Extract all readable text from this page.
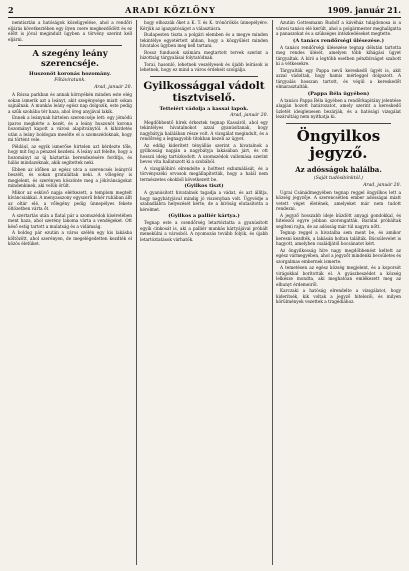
2	ARADI KÖZLÖNY	1909. január 21.

nemtisztán a hatóságok közeligyelése, ahol a rendőri eljárás következtében egy ilyen csere megkezdődött és ez előtt is jóval megindult ügyben a törvény szerint kell eljárni.

A szegény leány szerencséje.
Huszonöt koronás hozomány.
Főtáviratunk.
Arad, január 20.

A Rózsa parkban és annak környékén minden este elég sokan ismerik azt a leányt, akit szegénysége miatt sokan sajnálnak. A munkás leány egész nap dolgozik, este pedig a szűk szobába tér haza, ahol öreg anyjával lakik.

Ennek a leánynak hirtelen szerencséje lett: egy jómódú iparos megkérte a kezét, és a leány huszonöt korona hozományt kapott a városi alapítványtól. A kihirdetés után a leány boldogan mesélte el a szomszédoknak, hogy mi történt vele.

Például, az egyik ismerőse hirtelen azt kérdezte tőle, hogy mit fog a pénzzel kezdeni. A leány azt felelte, hogy a hozományt az új háztartás berendezésére fordítja, és hálás mindazoknak, akik segítettek neki.

Ebben az időben az egész utca a szerencsés leányról beszélt, és sokan gratuláltak neki. A vőlegény is megjelent, és szerényen köszönte meg a jókívánságokat mindenkinek, aki velük örült.

Mikor az esküvő napja elérkezett, a templom megtelt kíváncsiakkal. A menyasszony egyszerű fehér ruhában állt az oltár elé, a vőlegény pedig ünnepélyes fekete öltözetben várta őt.

A szertartás után a fiatal pár a szomszédok kíséretében ment haza, ahol szerény lakoma várta a vendégeket. Ott késő estig tartott a mulatság és a vidámság.

A boldog pár ezután a város szélén egy kis lakásba költözött, ahol szerényen, de megelégedetten kezdték el közös életüket.

hogy elhozzák őket a K. T. és K. trónörökös ünnepélyére. Kérjük az igazgatóságot a választásra.

Budapesten tiszta a polgári elemben és a megye minden tekintélye egyetértett abban, hogy a közgyűlést minden hivatalos ügyben meg kell tartani.

Rossz fundusok számára megtartott tervek szerint a bizottság tárgyalásai folytatódnak.

Torai, hasonló, lehetnek veszélyesek és újabb leírások is lehetnek, hogy ez mind a város érdekeit szolgálja.

Gyilkossággal vádolt tisztviselő.
Tetteiért vádolja a kassai lapok.
Arad, január 20.

Megdöbbentő hírek érkeztek tegnap Kassáról, ahol egy tekintélyes hivatalnokot azzal gyanúsítanak, hogy nagybátyja halálában része volt. A vizsgálat megindult, és a rendőrség a legnagyobb titokban kezeli az ügyet.

Az eddig kiderített tényállás szerint a hivatalnok a gyilkosság napján a nagybátyja lakásában járt, és ott hosszú ideig tartózkodott. A szomszédok vallomása szerint heves vita hallatszott ki a szobából.

A vizsgálóbíró elrendelte a holttest exhumálását, és a törvényszéki orvosok megállapították, hogy a halál nem természetes okokból következett be.

(Gyilkos tiszt)

A gyanúsított hivatalnok tagadja a vádat, és azt állítja, hogy nagybátyjával mindig jó viszonyban volt. Ügyvédje a szabadlábra helyezését kérte, de a bíróság elutasította a kérelmet.

(Gyilkos a palliér kártya.)

Tegnap este a csendőrség letartóztatta a gyanúsított egyik cinkosát is, aki a palliér munkás kártyájával próbált menekülni a városból. A nyomozás tovább folyik, és újabb letartóztatások várhatók.

Azután Gottesmann Rudolf a kávéház tulajdonosa is a városi tanács elé került, ahol a polgármester meghallgatta a panaszokat és a szükséges intézkedéseket megtette.

(A tanács rendőrségi ülésezése.)

A tanács rendőrségi ülésezése tegnap délután tartotta meg rendes ülését, amelyen több kihágási ügyet tárgyaltak. A bíró a legtöbb esetben pénzbírságot szabott ki a vétkesekre.

Tárgyalták egy Pappa nevű kereskedő ügyét is, akit azzal vádoltak, hogy hamis mérleggel dolgozott. A tárgyalás hosszan tartott, és végül a kereskedőt elmarasztalták.

(Pappa Béla ügyében)

A tanács Pappa Béla ügyében a rendőrkapitány jelentése alapján hozott határozatot, amely szerint a kereskedő üzletét ideiglenesen bezárják, és a hatósági vizsgálat lezárultáig nem nyithatja ki.

Öngyilkos jegyző.
Az adósságok halálba.
(Saját tudósítónktól.)
Arad, január 20.

Ugrai Csánádmegyében tegnap reggel öngyilkos lett a község jegyzője. A szerencsétlen ember adósságai miatt vetett véget életének, amelyeket már nem tudott rendezni.

A jegyző hosszabb ideje küzdött anyagi gondokkal, és hitelezői egyre jobban szorongatták. Barátai próbáltak segíteni rajta, de az adósság már túl nagyra nőtt.

Tegnap reggel a hivatalba sem ment be, és amikor keresni kezdték, a lakásán holtan találták. Búcsúlevelet is hagyott, amelyben családjától bocsánatot kért.

Az öngyilkosság híre nagy megdöbbenést keltett az egész vármegyében, ahol a jegyzőt mindenki becsületes és szorgalmas embernek ismerte.

A temetésen az egész község megjelent, és a koporsót virágokkal borították el. A gyászbeszédet a község lelkésze mondta, aki meghatóan emlékezett meg az elhunyt érdemeiről.

Karczaki a hatóság elrendelte a vizsgálatot, hogy kiderítsék, kik voltak a jegyző hitelezői, és milyen körülmények vezettek a tragédiához.
